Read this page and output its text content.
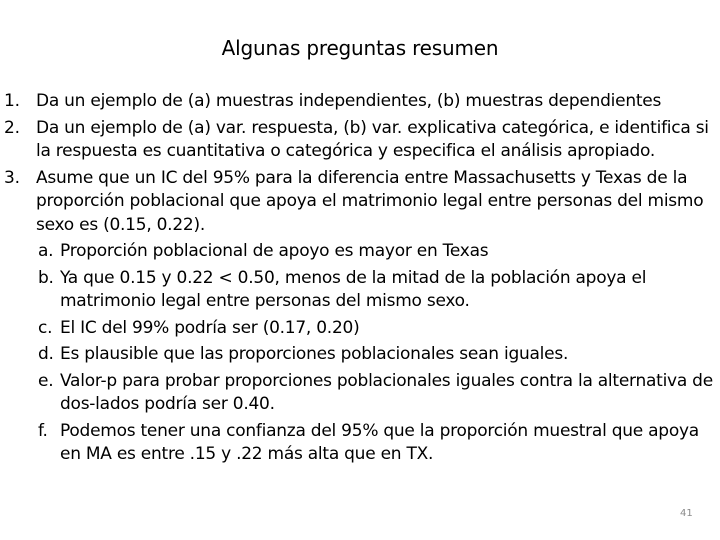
Algunas preguntas resumen
1. Da un ejemplo de (a) muestras independientes, (b) muestras dependientes
2. Da un ejemplo de (a) var. respuesta, (b) var. explicativa categórica, e identifica si la respuesta es cuantitativa o categórica y especifica el análisis apropiado.
3. Asume que un IC del 95% para la diferencia entre Massachusetts y Texas de la proporción poblacional que apoya el matrimonio legal entre personas del mismo sexo es (0.15, 0.22).
a. Proporción poblacional de apoyo es mayor en Texas
b. Ya que 0.15 y 0.22 < 0.50, menos de la mitad de la población apoya el matrimonio legal entre personas del mismo sexo.
c. El IC del 99% podría ser (0.17, 0.20)
d. Es plausible que las proporciones poblacionales sean iguales.
e. Valor-p para probar proporciones poblacionales iguales contra la alternativa de dos-lados podría ser 0.40.
f. Podemos tener una confianza del 95% que la proporción muestral que apoya en MA es entre .15 y .22 más alta que en TX.
41
